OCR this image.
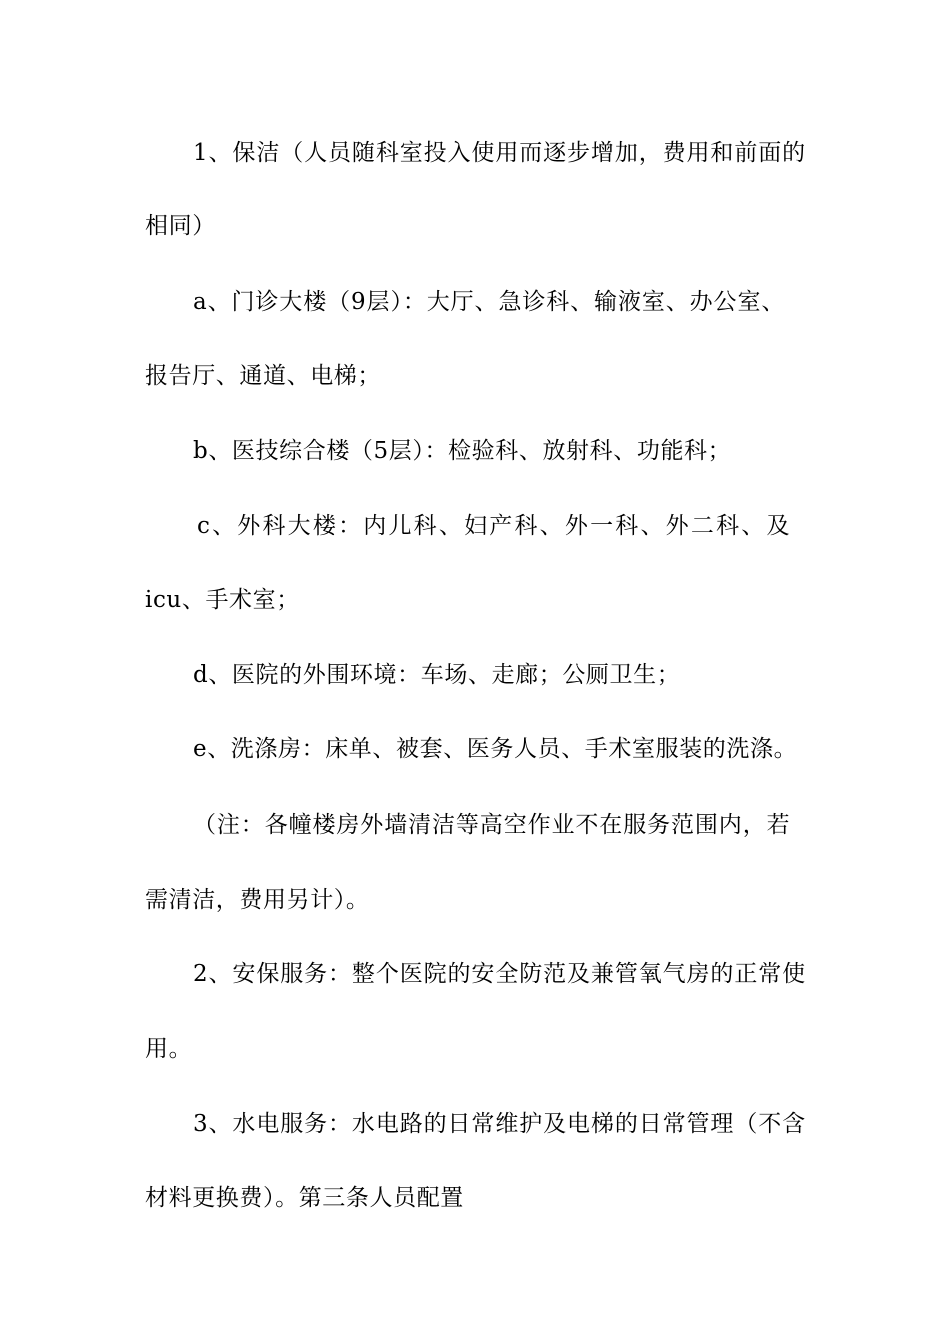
1、保洁（人员随科室投入使用而逐步增加，费用和前面的

相同）

a、门诊大楼（9层）：大厅、急诊科、输液室、办公室、

报告厅、通道、电梯；

b、医技综合楼（5层）：检验科、放射科、功能科；

c、外科大楼：内儿科、妇产科、外一科、外二科、及

icu、手术室；

d、医院的外围环境：车场、走廊；公厕卫生；

e、洗涤房：床单、被套、医务人员、手术室服装的洗涤。

（注：各幢楼房外墙清洁等高空作业不在服务范围内，若

需清洁，费用另计）。

2、安保服务：整个医院的安全防范及兼管氧气房的正常使

用。

3、水电服务：水电路的日常维护及电梯的日常管理（不含

材料更换费）。第三条人员配置
